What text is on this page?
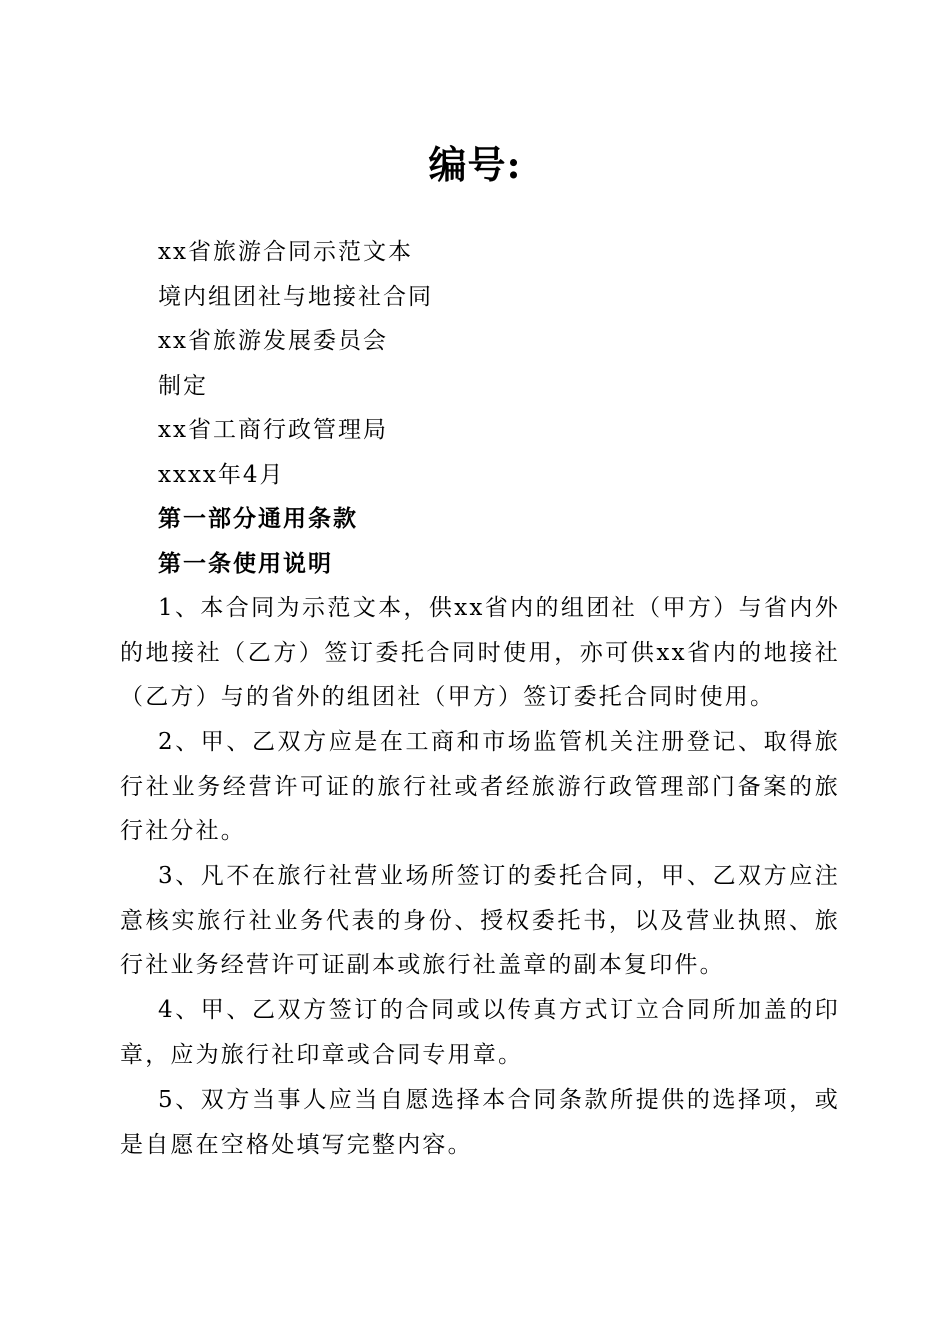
编号:
xx省旅游合同示范文本
境内组团社与地接社合同
xx省旅游发展委员会
制定
xx省工商行政管理局
xxxx年4月
第一部分通用条款
第一条使用说明
1、本合同为示范文本，供xx省内的组团社（甲方）与省内外的地接社（乙方）签订委托合同时使用，亦可供xx省内的地接社（乙方）与的省外的组团社（甲方）签订委托合同时使用。
2、甲、乙双方应是在工商和市场监管机关注册登记、取得旅行社业务经营许可证的旅行社或者经旅游行政管理部门备案的旅行社分社。
3、凡不在旅行社营业场所签订的委托合同，甲、乙双方应注意核实旅行社业务代表的身份、授权委托书，以及营业执照、旅行社业务经营许可证副本或旅行社盖章的副本复印件。
4、甲、乙双方签订的合同或以传真方式订立合同所加盖的印章，应为旅行社印章或合同专用章。
5、双方当事人应当自愿选择本合同条款所提供的选择项，或是自愿在空格处填写完整内容。
